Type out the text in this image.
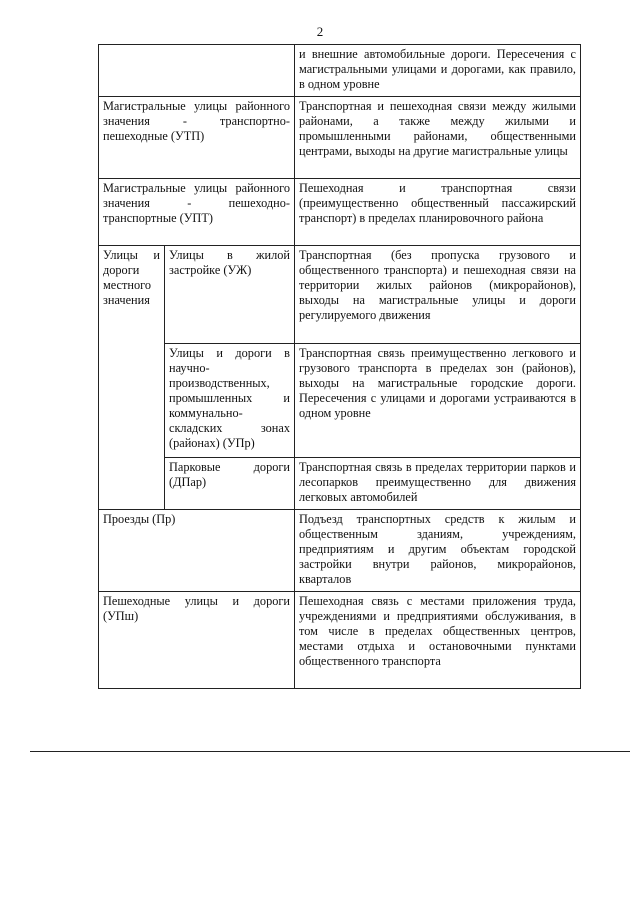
2
		и внешние автомобильные дороги. Пересечения с магистральными улицами и дорогами, как правило, в одном уровне
Магистральные улицы районного значения - транспортно-пешеходные (УТП)		Транспортная и пешеходная связи между жилыми районами, а также между жилыми и промышленными районами, общественными центрами, выходы на другие магистральные улицы
Магистральные улицы районного значения - пешеходно-транспортные (УПТ)		Пешеходная и транспортная связи (преимущественно общественный пассажирский транспорт) в пределах планировочного района
Улицы и дороги местного значения	Улицы в жилой застройке (УЖ)	Транспортная (без пропуска грузового и общественного транспорта) и пешеходная связи на территории жилых районов (микрорайонов), выходы на магистральные улицы и дороги регулируемого движения
	Улицы и дороги в научно-производственных, промышленных и коммунально-складских зонах (районах) (УПр)	Транспортная связь преимущественно легкового и грузового транспорта в пределах зон (районов), выходы на магистральные городские дороги. Пересечения с улицами и дорогами устраиваются в одном уровне
	Парковые дороги (ДПар)	Транспортная связь в пределах территории парков и лесопарков преимущественно для движения легковых автомобилей
Проезды (Пр)		Подъезд транспортных средств к жилым и общественным зданиям, учреждениям, предприятиям и другим объектам городской застройки внутри районов, микрорайонов, кварталов
Пешеходные улицы и дороги (УПш)		Пешеходная связь с местами приложения труда, учреждениями и предприятиями обслуживания, в том числе в пределах общественных центров, местами отдыха и остановочными пунктами общественного транспорта
